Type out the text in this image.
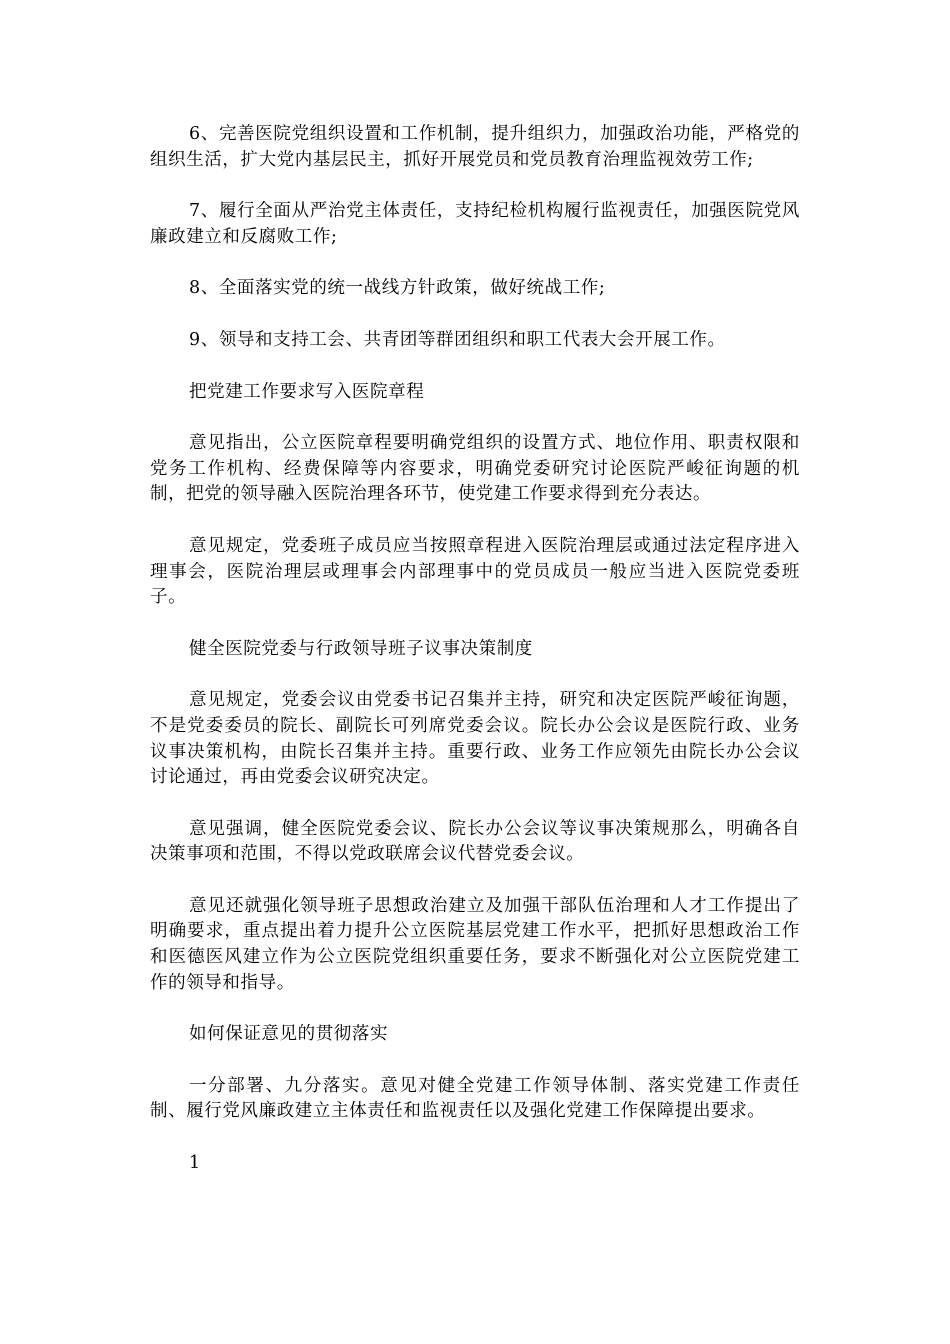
6、完善医院党组织设置和工作机制，提升组织力，加强政治功能，严格党的组织生活，扩大党内基层民主，抓好开展党员和党员教育治理监视效劳工作;

7、履行全面从严治党主体责任，支持纪检机构履行监视责任，加强医院党风廉政建立和反腐败工作;

8、全面落实党的统一战线方针政策，做好统战工作;

9、领导和支持工会、共青团等群团组织和职工代表大会开展工作。

把党建工作要求写入医院章程

意见指出，公立医院章程要明确党组织的设置方式、地位作用、职责权限和党务工作机构、经费保障等内容要求，明确党委研究讨论医院严峻征询题的机制，把党的领导融入医院治理各环节，使党建工作要求得到充分表达。

意见规定，党委班子成员应当按照章程进入医院治理层或通过法定程序进入理事会，医院治理层或理事会内部理事中的党员成员一般应当进入医院党委班子。

健全医院党委与行政领导班子议事决策制度

意见规定，党委会议由党委书记召集并主持，研究和决定医院严峻征询题，不是党委委员的院长、副院长可列席党委会议。院长办公会议是医院行政、业务议事决策机构，由院长召集并主持。重要行政、业务工作应领先由院长办公会议讨论通过，再由党委会议研究决定。

意见强调，健全医院党委会议、院长办公会议等议事决策规那么，明确各自决策事项和范围，不得以党政联席会议代替党委会议。

意见还就强化领导班子思想政治建立及加强干部队伍治理和人才工作提出了明确要求，重点提出着力提升公立医院基层党建工作水平，把抓好思想政治工作和医德医风建立作为公立医院党组织重要任务，要求不断强化对公立医院党建工作的领导和指导。

如何保证意见的贯彻落实

一分部署、九分落实。意见对健全党建工作领导体制、落实党建工作责任制、履行党风廉政建立主体责任和监视责任以及强化党建工作保障提出要求。

1
